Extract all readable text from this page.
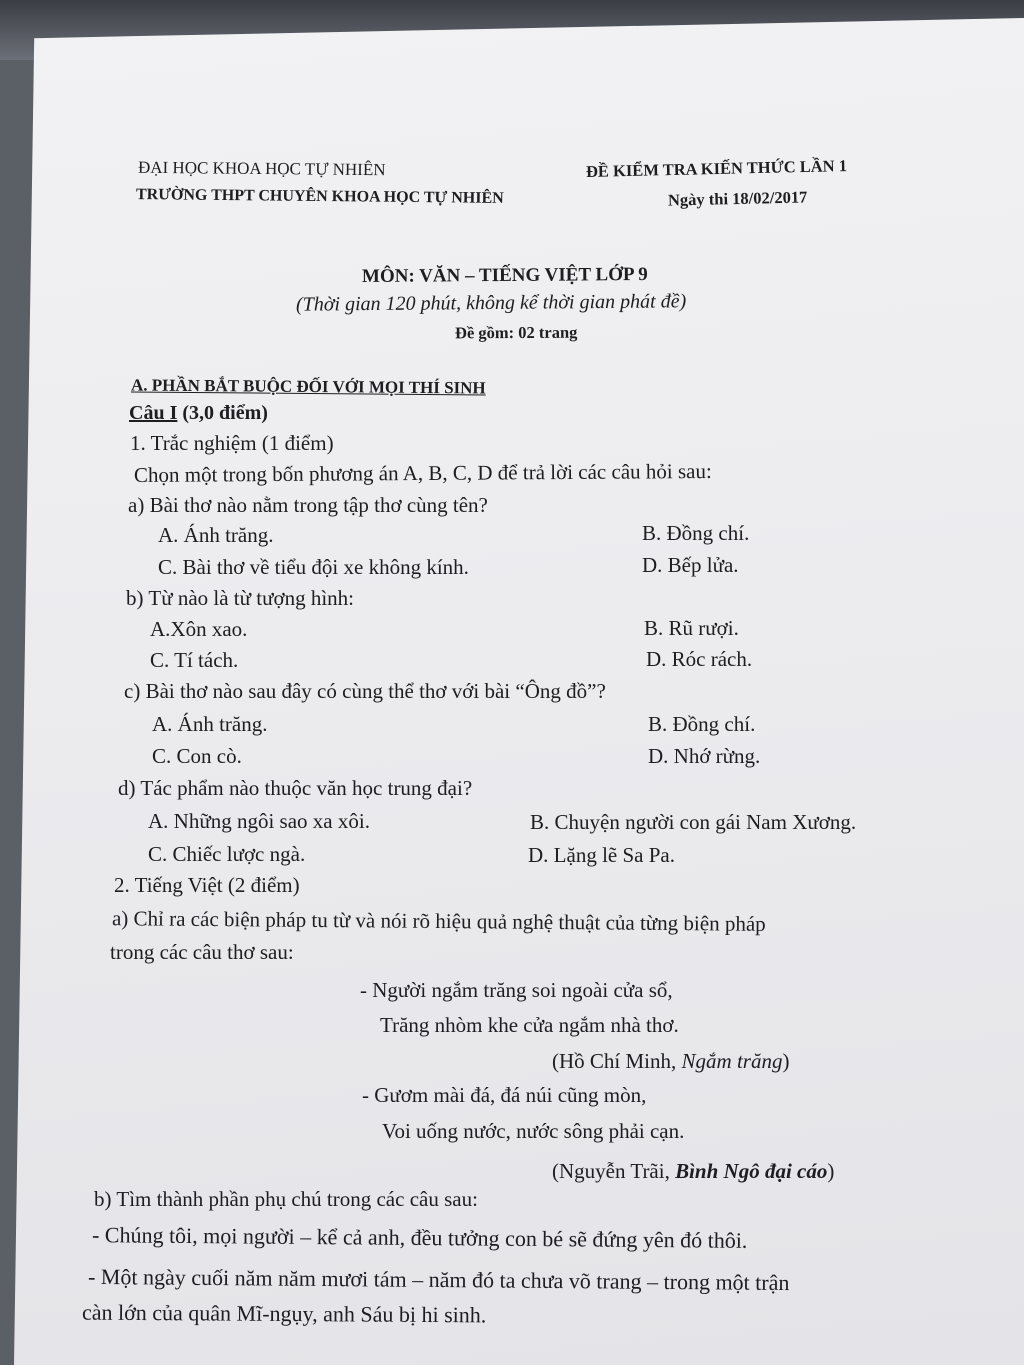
ĐẠI HỌC KHOA HỌC TỰ NHIÊN
TRƯỜNG THPT CHUYÊN KHOA HỌC TỰ NHIÊN
ĐỀ KIỂM TRA KIẾN THỨC LẦN 1
Ngày thi 18/02/2017
MÔN: VĂN – TIẾNG VIỆT LỚP 9
(Thời gian 120 phút, không kể thời gian phát đề)
Đề gồm: 02 trang
A. PHẦN BẮT BUỘC ĐỐI VỚI MỌI THÍ SINH
Câu I (3,0 điểm)
1. Trắc nghiệm (1 điểm)
Chọn một trong bốn phương án A, B, C, D để trả lời các câu hỏi sau:
a) Bài thơ nào nằm trong tập thơ cùng tên?
A. Ánh trăng.	B. Đồng chí.
C. Bài thơ về tiểu đội xe không kính.	D. Bếp lửa.
b) Từ nào là từ tượng hình:
A.Xôn xao.	B. Rũ rượi.
C. Tí tách.	D. Róc rách.
c) Bài thơ nào sau đây có cùng thể thơ với bài “Ông đồ”?
A. Ánh trăng.	B. Đồng chí.
C. Con cò.	D. Nhớ rừng.
d) Tác phẩm nào thuộc văn học trung đại?
A. Những ngôi sao xa xôi.	B. Chuyện người con gái Nam Xương.
C. Chiếc lược ngà.	D. Lặng lẽ Sa Pa.
2. Tiếng Việt (2 điểm)
a) Chỉ ra các biện pháp tu từ và nói rõ hiệu quả nghệ thuật của từng biện pháp
trong các câu thơ sau:
- Người ngắm trăng soi ngoài cửa sổ,
Trăng nhòm khe cửa ngắm nhà thơ.
(Hồ Chí Minh, Ngắm trăng)
- Gươm mài đá, đá núi cũng mòn,
Voi uống nước, nước sông phải cạn.
(Nguyễn Trãi, Bình Ngô đại cáo)
b) Tìm thành phần phụ chú trong các câu sau:
- Chúng tôi, mọi người – kể cả anh, đều tưởng con bé sẽ đứng yên đó thôi.
- Một ngày cuối năm năm mươi tám – năm đó ta chưa võ trang – trong một trận
càn lớn của quân Mĩ-ngụy, anh Sáu bị hi sinh.
